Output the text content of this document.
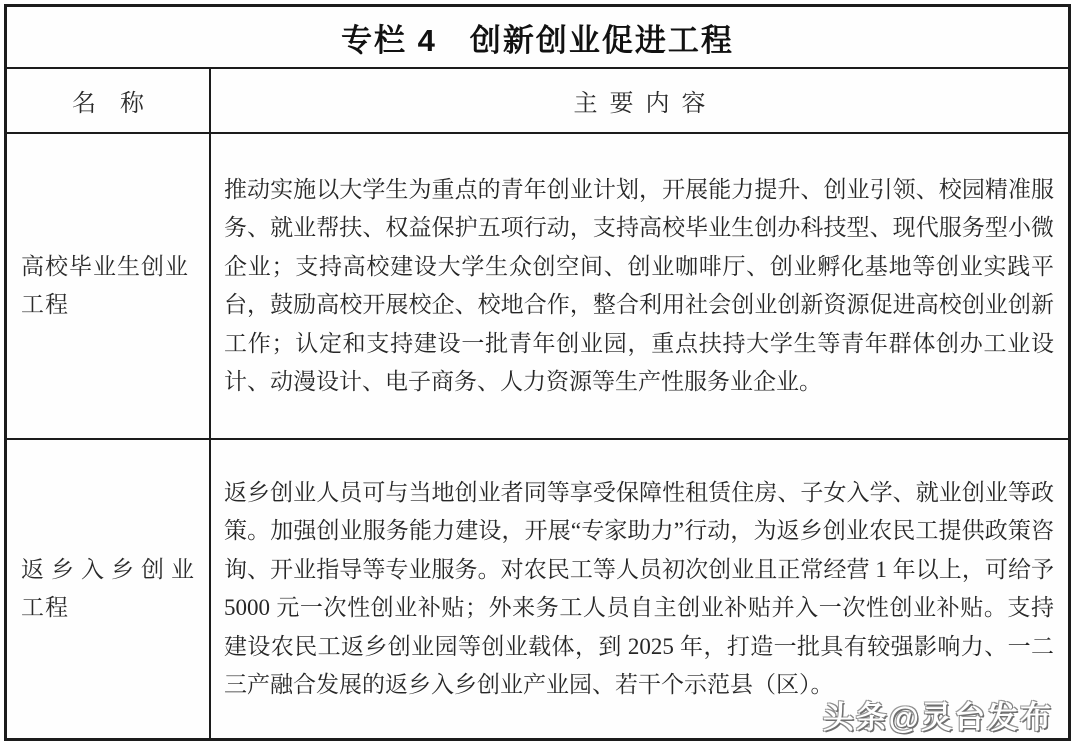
专栏 4　创新创业促进工程
名　称	主 要 内 容
高校毕业生创业
工程
推动实施以大学生为重点的青年创业计划，开展能力提升、创业引领、校园精准服务、就业帮扶、权益保护五项行动，支持高校毕业生创办科技型、现代服务型小微企业；支持高校建设大学生众创空间、创业咖啡厅、创业孵化基地等创业实践平台，鼓励高校开展校企、校地合作，整合利用社会创业创新资源促进高校创业创新工作；认定和支持建设一批青年创业园，重点扶持大学生等青年群体创办工业设计、动漫设计、电子商务、人力资源等生产性服务业企业。
返乡入乡创业
工程
返乡创业人员可与当地创业者同等享受保障性租赁住房、子女入学、就业创业等政策。加强创业服务能力建设，开展“专家助力”行动，为返乡创业农民工提供政策咨询、开业指导等专业服务。对农民工等人员初次创业且正常经营 1 年以上，可给予 5000 元一次性创业补贴；外来务工人员自主创业补贴并入一次性创业补贴。支持建设农民工返乡创业园等创业载体，到 2025 年，打造一批具有较强影响力、一二三产融合发展的返乡入乡创业产业园、若干个示范县（区）。
头条@灵台发布
